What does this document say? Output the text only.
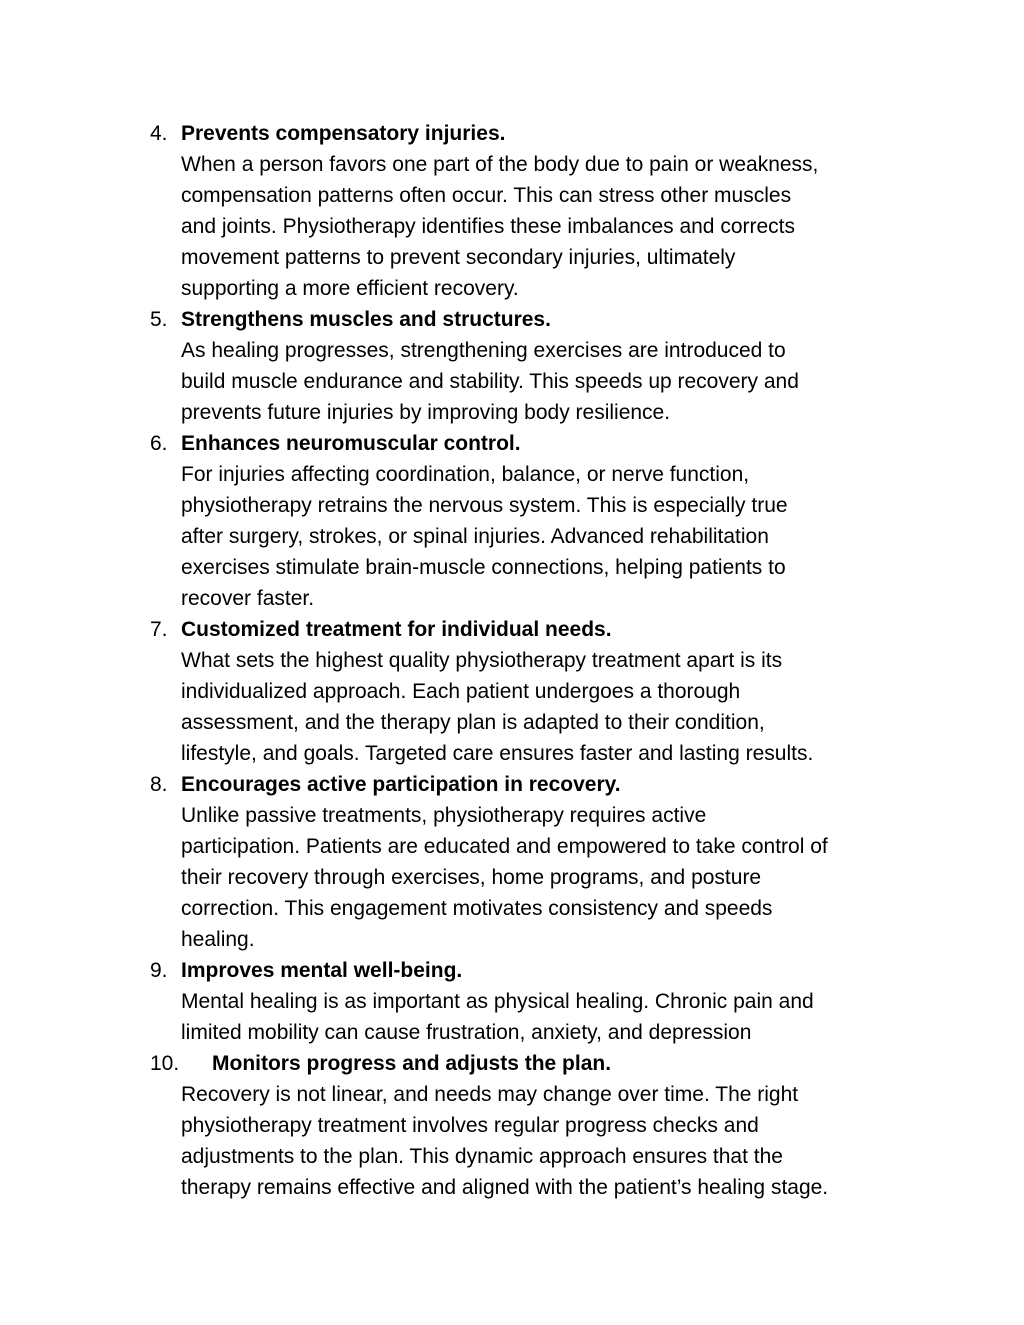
4. Prevents compensatory injuries.
When a person favors one part of the body due to pain or weakness,
compensation patterns often occur. This can stress other muscles
and joints. Physiotherapy identifies these imbalances and corrects
movement patterns to prevent secondary injuries, ultimately
supporting a more efficient recovery.
5. Strengthens muscles and structures.
As healing progresses, strengthening exercises are introduced to
build muscle endurance and stability. This speeds up recovery and
prevents future injuries by improving body resilience.
6. Enhances neuromuscular control.
For injuries affecting coordination, balance, or nerve function,
physiotherapy retrains the nervous system. This is especially true
after surgery, strokes, or spinal injuries. Advanced rehabilitation
exercises stimulate brain-muscle connections, helping patients to
recover faster.
7. Customized treatment for individual needs.
What sets the highest quality physiotherapy treatment apart is its
individualized approach. Each patient undergoes a thorough
assessment, and the therapy plan is adapted to their condition,
lifestyle, and goals. Targeted care ensures faster and lasting results.
8. Encourages active participation in recovery.
Unlike passive treatments, physiotherapy requires active
participation. Patients are educated and empowered to take control of
their recovery through exercises, home programs, and posture
correction. This engagement motivates consistency and speeds
healing.
9. Improves mental well-being.
Mental healing is as important as physical healing. Chronic pain and
limited mobility can cause frustration, anxiety, and depression
10. Monitors progress and adjusts the plan.
Recovery is not linear, and needs may change over time. The right
physiotherapy treatment involves regular progress checks and
adjustments to the plan. This dynamic approach ensures that the
therapy remains effective and aligned with the patient’s healing stage.
